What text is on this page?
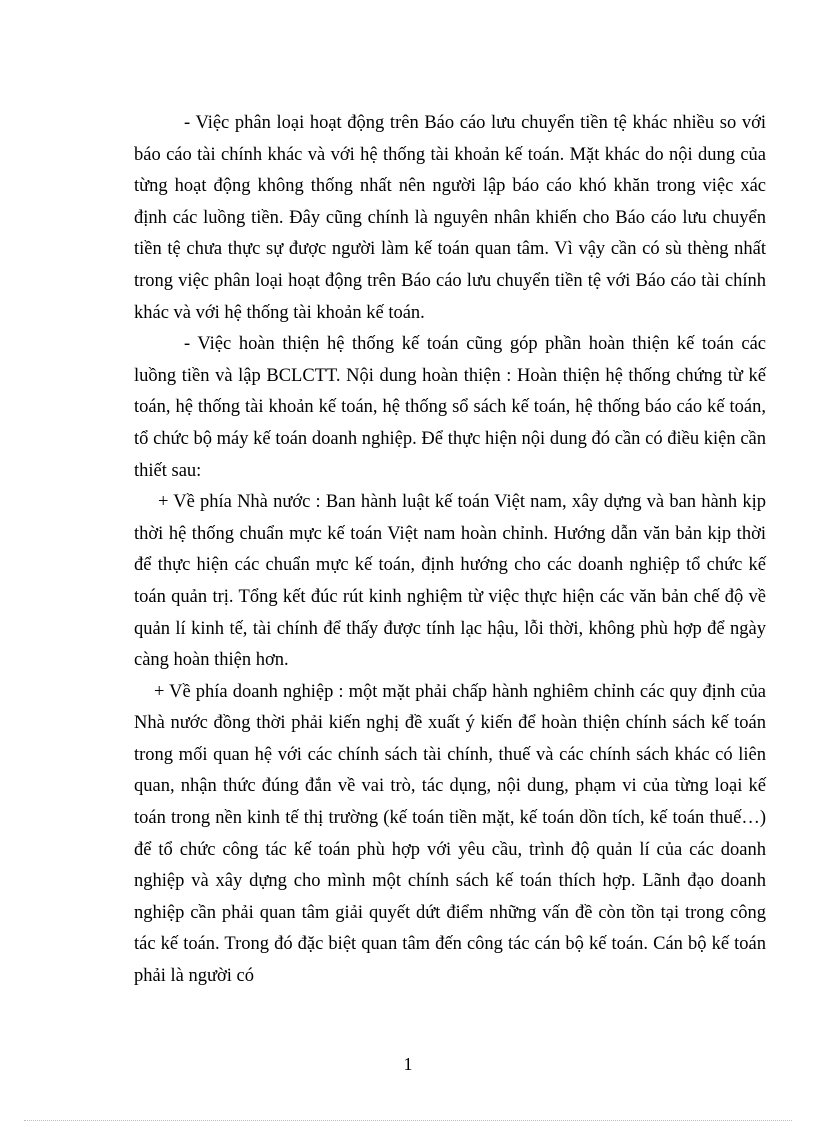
- Việc phân loại hoạt động trên Báo cáo lưu chuyển tiền tệ khác nhiều so với báo cáo tài chính khác và với hệ thống tài khoản kế toán. Mặt khác do nội dung của từng hoạt động không thống nhất nên người lập báo cáo khó khăn trong việc xác định các luồng tiền. Đây cũng chính là nguyên nhân khiến cho Báo cáo lưu chuyển tiền tệ chưa thực sự được người làm kế toán quan tâm. Vì vậy cần có sù thèng nhất trong việc phân loại hoạt động trên Báo cáo lưu chuyển tiền tệ với Báo cáo tài chính khác và với hệ thống tài khoản kế toán.

- Việc hoàn thiện hệ thống kế toán cũng góp phần hoàn thiện kế toán các luồng tiền và lập BCLCTT. Nội dung hoàn thiện : Hoàn thiện hệ thống chứng từ kế toán, hệ thống tài khoản kế toán, hệ thống sổ sách kế toán, hệ thống báo cáo kế toán, tổ chức bộ máy kế toán doanh nghiệp. Để thực hiện nội dung đó cần có điều kiện cần thiết sau:

+ Về phía Nhà nước : Ban hành luật kế toán Việt nam, xây dựng và ban hành kịp thời hệ thống chuẩn mực kế toán Việt nam hoàn chỉnh. Hướng dẫn văn bản kịp thời để thực hiện các chuẩn mực kế toán, định hướng cho các doanh nghiệp tổ chức kế toán quản trị. Tổng kết đúc rút kinh nghiệm từ việc thực hiện các văn bản chế độ về quản lí kinh tế, tài chính để thấy được tính lạc hậu, lỗi thời, không phù hợp để ngày càng hoàn thiện hơn.

+ Về phía doanh nghiệp : một mặt phải chấp hành nghiêm chỉnh các quy định của Nhà nước đồng thời phải kiến nghị đề xuất ý kiến để hoàn thiện chính sách kế toán trong mối quan hệ với các chính sách tài chính, thuế và các chính sách khác có liên quan, nhận thức đúng đắn về vai trò, tác dụng, nội dung, phạm vi của từng loại kế toán trong nền kinh tế thị trường (kế toán tiền mặt, kế toán dồn tích, kế toán thuế…) để tổ chức công tác kế toán phù hợp với yêu cầu, trình độ quản lí của các doanh nghiệp và xây dựng cho mình một chính sách kế toán thích hợp. Lãnh đạo doanh nghiệp cần phải quan tâm giải quyết dứt điểm những vấn đề còn tồn tại trong công tác kế toán. Trong đó đặc biệt quan tâm đến công tác cán bộ kế toán. Cán bộ kế toán phải là người có

1
